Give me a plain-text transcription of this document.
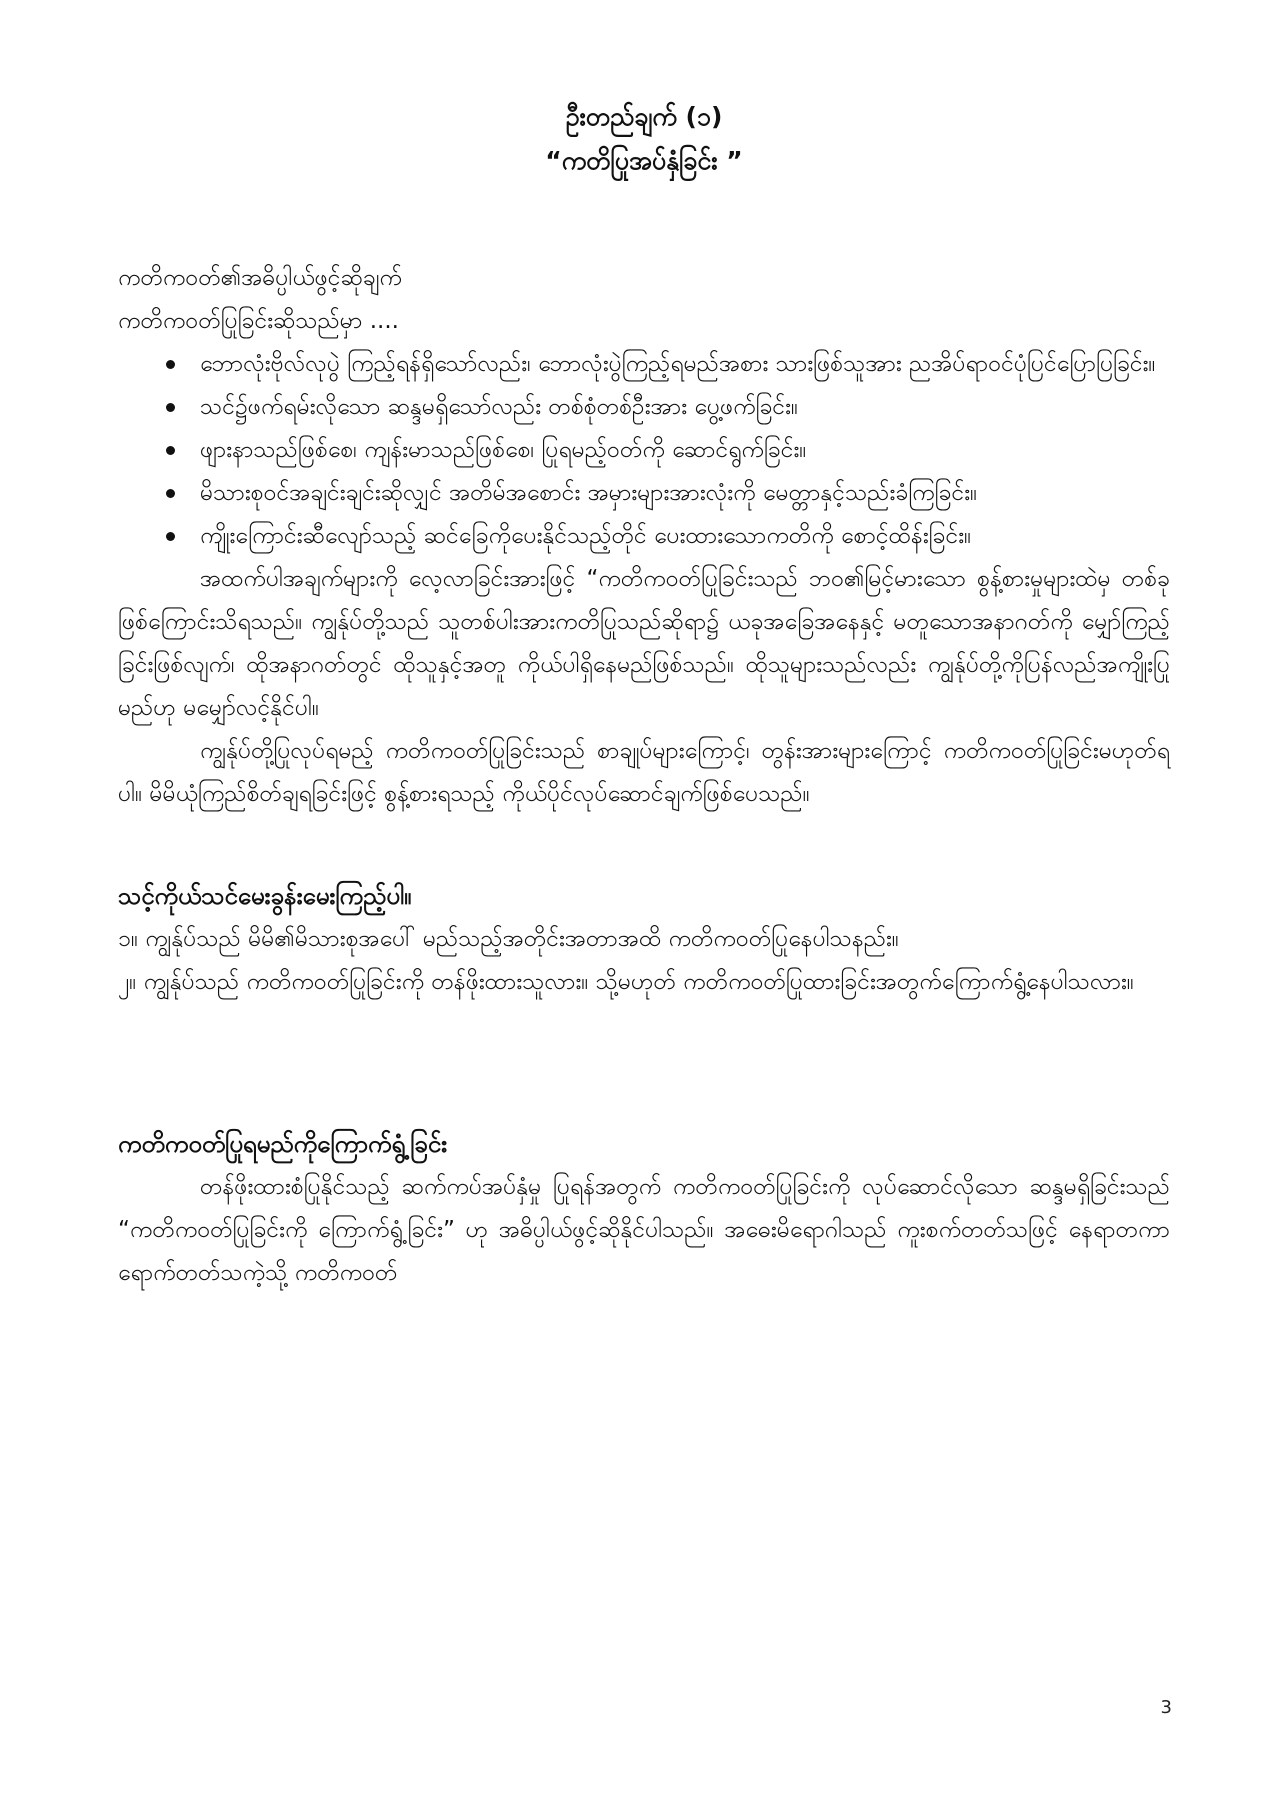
ဦးတည်ချက် (၁)

“ကတိပြုအပ်နှံခြင်း ”

ကတိကဝတ်၏အဓိပ္ပါယ်ဖွင့်ဆိုချက်

ကတိကဝတ်ပြုခြင်းဆိုသည်မှာ ....

ဘောလုံးဗိုလ်လုပွဲ ကြည့်ရန်ရှိသော်လည်း၊ ဘောလုံးပွဲကြည့်ရမည်အစား သားဖြစ်သူအား ညအိပ်ရာဝင်ပုံပြင်ပြောပြခြင်း။
သင်၌ဖက်ရမ်းလိုသော ဆန္ဒမရှိသော်လည်း တစ်စုံတစ်ဦးအား ပွေ့ဖက်ခြင်း။
ဖျားနာသည်ဖြစ်စေ၊ ကျန်းမာသည်ဖြစ်စေ၊ ပြုရမည့်ဝတ်ကို ဆောင်ရွက်ခြင်း။
မိသားစုဝင်အချင်းချင်းဆိုလျှင် အတိမ်အစောင်း အမှားများအားလုံးကို မေတ္တာနှင့်သည်းခံကြခြင်း။
ကျိုးကြောင်းဆီလျော်သည့် ဆင်ခြေကိုပေးနိုင်သည့်တိုင် ပေးထားသောကတိကို စောင့်ထိန်းခြင်း။

အထက်ပါအချက်များကို လေ့လာခြင်းအားဖြင့် “ကတိကဝတ်ပြုခြင်းသည် ဘဝ၏မြင့်မားသော စွန့်စားမှုများထဲမှ တစ်ခုဖြစ်ကြောင်းသိရသည်။ ကျွန်ုပ်တို့သည် သူတစ်ပါးအားကတိပြုသည်ဆိုရာ၌ ယခုအခြေအနေနှင့် မတူသောအနာဂတ်ကို မျှော်ကြည့်ခြင်းဖြစ်လျက်၊ ထိုအနာဂတ်တွင် ထိုသူနှင့်အတူ ကိုယ်ပါရှိနေမည်ဖြစ်သည်။ ထိုသူများသည်လည်း ကျွန်ုပ်တို့ကိုပြန်လည်အကျိုးပြုမည်ဟု မမျှော်လင့်နိုင်ပါ။

ကျွန်ုပ်တို့ပြုလုပ်ရမည့် ကတိကဝတ်ပြုခြင်းသည် စာချုပ်များကြောင့်၊ တွန်းအားများကြောင့် ကတိကဝတ်ပြုခြင်းမဟုတ်ရပါ။ မိမိယုံကြည်စိတ်ချရခြင်းဖြင့် စွန့်စားရသည့် ကိုယ်ပိုင်လုပ်ဆောင်ချက်ဖြစ်ပေသည်။

သင့်ကိုယ်သင်မေးခွန်းမေးကြည့်ပါ။

၁။ ကျွန်ုပ်သည် မိမိ၏မိသားစုအပေါ် မည်သည့်အတိုင်းအတာအထိ ကတိကဝတ်ပြုနေပါသနည်း။

၂။ ကျွန်ုပ်သည် ကတိကဝတ်ပြုခြင်းကို တန်ဖိုးထားသူလား။ သို့မဟုတ် ကတိကဝတ်ပြုထားခြင်းအတွက်ကြောက်ရွံ့နေပါသလား။

ကတိကဝတ်ပြုရမည်ကိုကြောက်ရွံ့ခြင်း

တန်ဖိုးထားစံပြုနိုင်သည့် ဆက်ကပ်အပ်နှံမှု ပြုရန်အတွက် ကတိကဝတ်ပြုခြင်းကို လုပ်ဆောင်လိုသော ဆန္ဒမရှိခြင်းသည် “ကတိကဝတ်ပြုခြင်းကို ကြောက်ရွံ့ခြင်း” ဟု အဓိပ္ပါယ်ဖွင့်ဆိုနိုင်ပါသည်။ အဓေးမိရောဂါသည် ကူးစက်တတ်သဖြင့် နေရာတကာရောက်တတ်သကဲ့သို့ ကတိကဝတ်

3
